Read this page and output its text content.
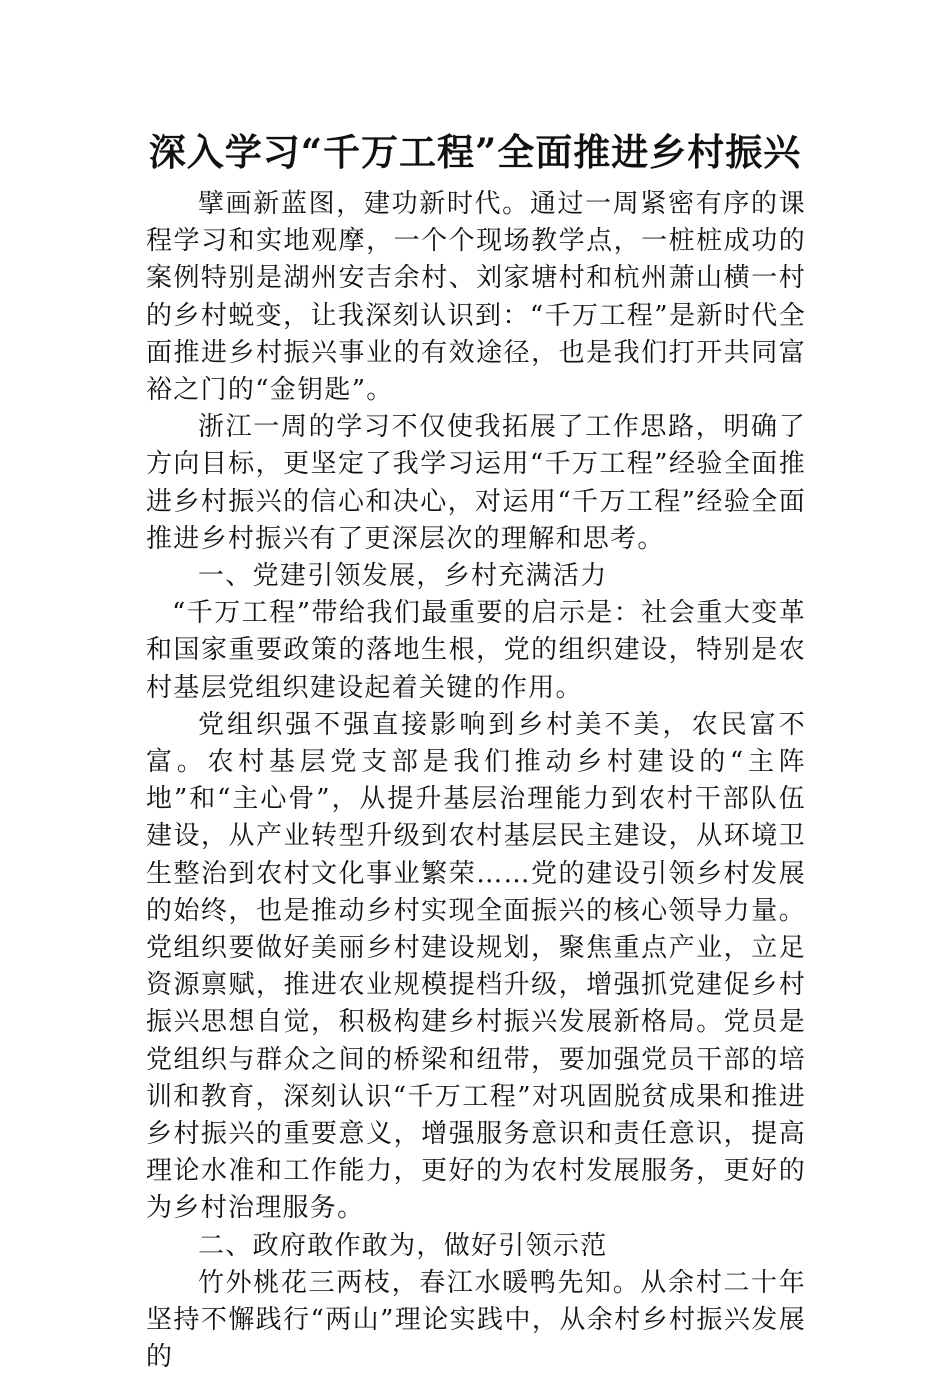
深入学习“千万工程”全面推进乡村振兴

擘画新蓝图，建功新时代。通过一周紧密有序的课程学习和实地观摩，一个个现场教学点，一桩桩成功的案例特别是湖州安吉余村、刘家塘村和杭州萧山横一村的乡村蜕变，让我深刻认识到：“千万工程”是新时代全面推进乡村振兴事业的有效途径，也是我们打开共同富裕之门的“金钥匙”。

浙江一周的学习不仅使我拓展了工作思路，明确了方向目标，更坚定了我学习运用“千万工程”经验全面推进乡村振兴的信心和决心，对运用“千万工程”经验全面推进乡村振兴有了更深层次的理解和思考。

一、党建引领发展，乡村充满活力

“千万工程”带给我们最重要的启示是：社会重大变革和国家重要政策的落地生根，党的组织建设，特别是农村基层党组织建设起着关键的作用。

党组织强不强直接影响到乡村美不美，农民富不富。农村基层党支部是我们推动乡村建设的“主阵地”和“主心骨”，从提升基层治理能力到农村干部队伍建设，从产业转型升级到农村基层民主建设，从环境卫生整治到农村文化事业繁荣……党的建设引领乡村发展的始终，也是推动乡村实现全面振兴的核心领导力量。党组织要做好美丽乡村建设规划，聚焦重点产业，立足资源禀赋，推进农业规模提档升级，增强抓党建促乡村振兴思想自觉，积极构建乡村振兴发展新格局。党员是党组织与群众之间的桥梁和纽带，要加强党员干部的培训和教育，深刻认识“千万工程”对巩固脱贫成果和推进乡村振兴的重要意义，增强服务意识和责任意识，提高理论水准和工作能力，更好的为农村发展服务，更好的为乡村治理服务。

二、政府敢作敢为，做好引领示范

竹外桃花三两枝，春江水暖鸭先知。从余村二十年坚持不懈践行“两山”理论实践中，从余村乡村振兴发展的
